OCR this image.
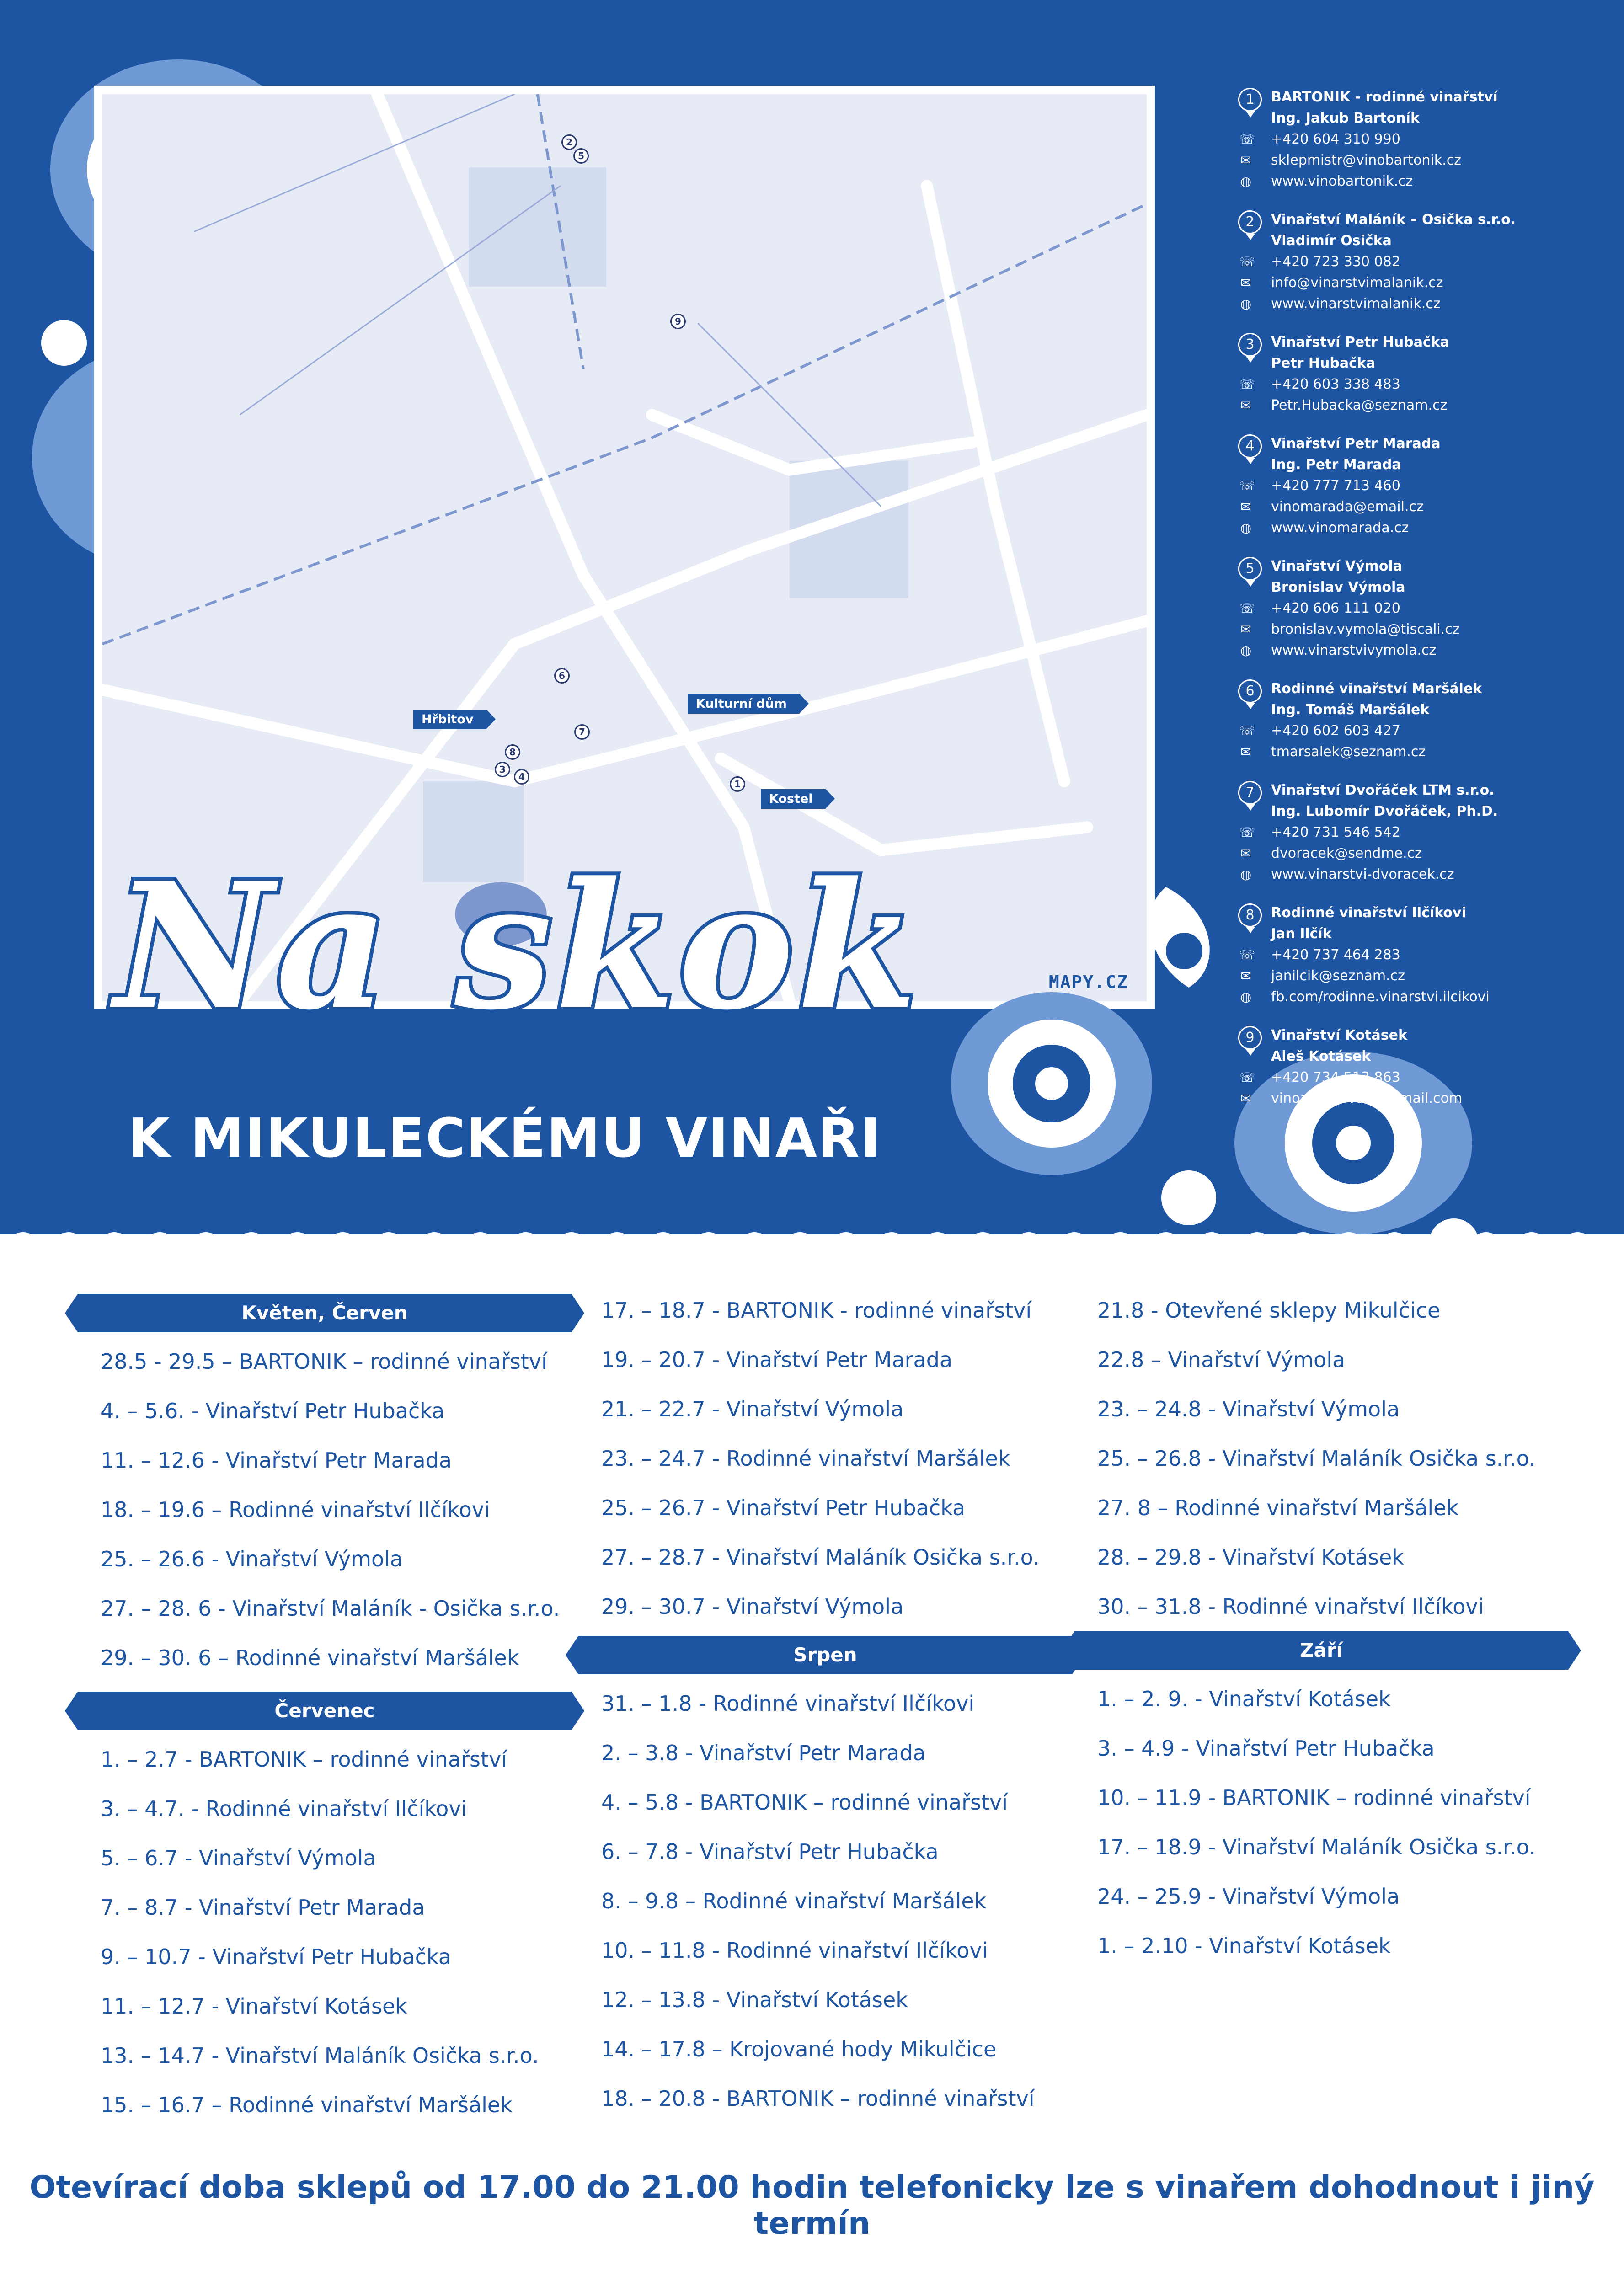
2
5
9
6
7
8
3
4
1
Hřbitov
Kulturní dům
Kostel
MAPY.CZ
Na skok
K MIKULECKÉMU VINAŘI
1	BARTONIK - rodinné vinařství
Ing. Jakub Bartoník
☏ +420 604 310 990
✉ sklepmistr@vinobartonik.cz
◍ www.vinobartonik.cz
2	Vinařství Maláník – Osička s.r.o.
Vladimír Osička
☏ +420 723 330 082
✉ info@vinarstvimalanik.cz
◍ www.vinarstvimalanik.cz
3	Vinařství Petr Hubačka
Petr Hubačka
☏ +420 603 338 483
✉ Petr.Hubacka@seznam.cz
4	Vinařství Petr Marada
Ing. Petr Marada
☏ +420 777 713 460
✉ vinomarada@email.cz
◍ www.vinomarada.cz
5	Vinařství Výmola
Bronislav Výmola
☏ +420 606 111 020
✉ bronislav.vymola@tiscali.cz
◍ www.vinarstvivymola.cz
6	Rodinné vinařství Maršálek
Ing. Tomáš Maršálek
☏ +420 602 603 427
✉ tmarsalek@seznam.cz
7	Vinařství Dvořáček LTM s.r.o.
Ing. Lubomír Dvořáček, Ph.D.
☏ +420 731 546 542
✉ dvoracek@sendme.cz
◍ www.vinarstvi-dvoracek.cz
8	Rodinné vinařství Ilčíkovi
Jan Ilčík
☏ +420 737 464 283
✉ janilcik@seznam.cz
◍ fb.com/rodinne.vinarstvi.ilcikovi
9	Vinařství Kotásek
Aleš Kotásek
☏ +420 734 513 863
✉ vinoaubytovani@gmail.com
Květen, Červen
28.5 - 29.5 – BARTONIK – rodinné vinařství
4. – 5.6. - Vinařství Petr Hubačka
11. – 12.6 - Vinařství Petr Marada
18. – 19.6 – Rodinné vinařství Ilčíkovi
25. – 26.6 - Vinařství Výmola
27. – 28. 6 - Vinařství Maláník - Osička s.r.o.
29. – 30. 6 – Rodinné vinařství Maršálek
Červenec
1. – 2.7 - BARTONIK – rodinné vinařství
3. – 4.7. - Rodinné vinařství Ilčíkovi
5. – 6.7 - Vinařství Výmola
7. – 8.7 - Vinařství Petr Marada
9. – 10.7 - Vinařství Petr Hubačka
11. – 12.7 - Vinařství Kotásek
13. – 14.7 - Vinařství Maláník Osička s.r.o.
15. – 16.7 – Rodinné vinařství Maršálek
17. – 18.7 - BARTONIK - rodinné vinařství
19. – 20.7 - Vinařství Petr Marada
21. – 22.7 - Vinařství Výmola
23. – 24.7 - Rodinné vinařství Maršálek
25. – 26.7 - Vinařství Petr Hubačka
27. – 28.7 - Vinařství Maláník Osička s.r.o.
29. – 30.7 - Vinařství Výmola
Srpen
31. – 1.8 - Rodinné vinařství Ilčíkovi
2. – 3.8 - Vinařství Petr Marada
4. – 5.8 - BARTONIK – rodinné vinařství
6. – 7.8 - Vinařství Petr Hubačka
8. – 9.8 – Rodinné vinařství Maršálek
10. – 11.8 - Rodinné vinařství Ilčíkovi
12. – 13.8 - Vinařství Kotásek
14. – 17.8 – Krojované hody Mikulčice
18. – 20.8 - BARTONIK – rodinné vinařství
21.8 - Otevřené sklepy Mikulčice
22.8 – Vinařství Výmola
23. – 24.8 - Vinařství Výmola
25. – 26.8 - Vinařství Maláník Osička s.r.o.
27. 8 – Rodinné vinařství Maršálek
28. – 29.8 - Vinařství Kotásek
30. – 31.8 - Rodinné vinařství Ilčíkovi
Září
1. – 2. 9. - Vinařství Kotásek
3. – 4.9 - Vinařství Petr Hubačka
10. – 11.9 - BARTONIK – rodinné vinařství
17. – 18.9 - Vinařství Maláník Osička s.r.o.
24. – 25.9 - Vinařství Výmola
1. – 2.10 - Vinařství Kotásek
Otevírací doba sklepů od 17.00 do 21.00 hodin telefonicky lze s vinařem dohodnout i jiný termín
